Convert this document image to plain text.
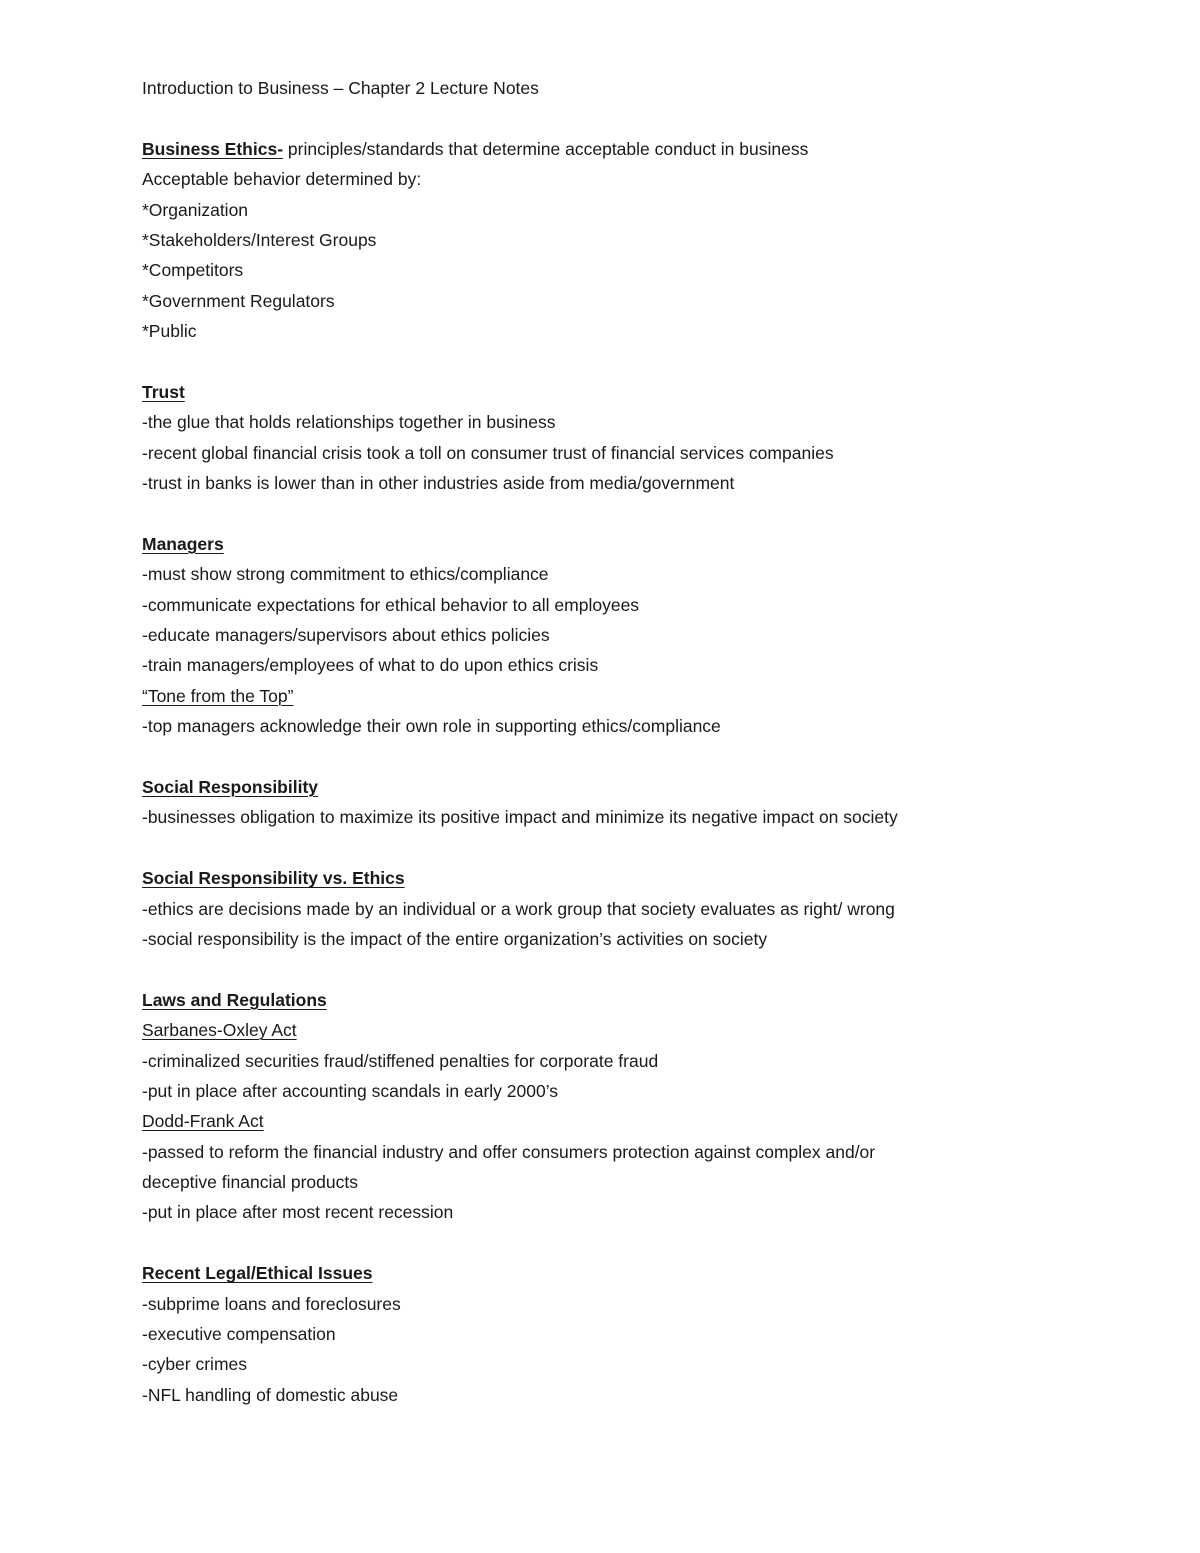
Introduction to Business – Chapter 2 Lecture Notes
Business Ethics- principles/standards that determine acceptable conduct in business
Acceptable behavior determined by:
*Organization
*Stakeholders/Interest Groups
*Competitors
*Government Regulators
*Public
Trust
-the glue that holds relationships together in business
-recent global financial crisis took a toll on consumer trust of financial services companies
-trust in banks is lower than in other industries aside from media/government
Managers
-must show strong commitment to ethics/compliance
-communicate expectations for ethical behavior to all employees
-educate managers/supervisors about ethics policies
-train managers/employees of what to do upon ethics crisis
“Tone from the Top”
-top managers acknowledge their own role in supporting ethics/compliance
Social Responsibility
-businesses obligation to maximize its positive impact and minimize its negative impact on society
Social Responsibility vs. Ethics
-ethics are decisions made by an individual or a work group that society evaluates as right/ wrong
-social responsibility is the impact of the entire organization’s activities on society
Laws and Regulations
Sarbanes-Oxley Act
-criminalized securities fraud/stiffened penalties for corporate fraud
-put in place after accounting scandals in early 2000’s
Dodd-Frank Act
-passed to reform the financial industry and offer consumers protection against complex and/or
deceptive financial products
-put in place after most recent recession
Recent Legal/Ethical Issues
-subprime loans and foreclosures
-executive compensation
-cyber crimes
-NFL handling of domestic abuse
